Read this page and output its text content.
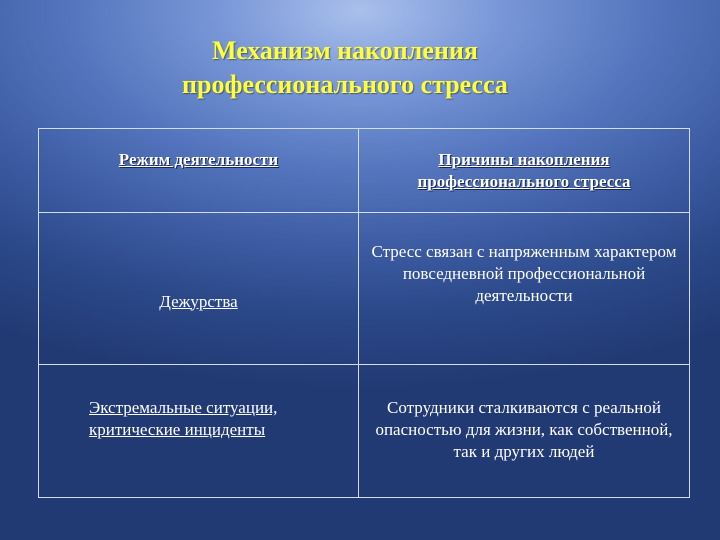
Механизм накопления
профессионального стресса
Режим деятельности	Причины накопления профессионального стресса
Дежурства	Стресс связан с напряженным характером повседневной профессиональной деятельности
Экстремальные ситуации,
критические инциденты	Сотрудники сталкиваются с реальной опасностью для жизни, как собственной, так и других людей
